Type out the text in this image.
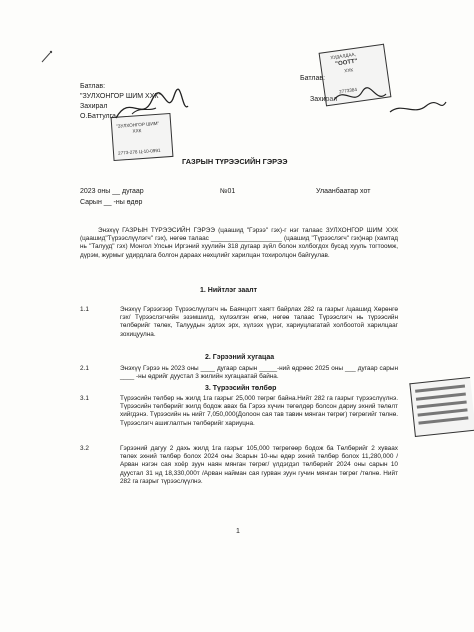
Батлав:
"ЗУЛХОНГОР ШИМ ХХК"
Захирал
О.Баттулга
"ЗУЛХОНГОР ШИМ"
ХХК
2773-278 Ц-10-0991
Батлав:
Захирал
ХУДАЛДАА,
"ООТТ"
ХХК
2773384
ГАЗРЫН ТҮРЭЭСИЙН ГЭРЭЭ
2023 оны __ дугаар
Сарын __ -ны өдөр
№01	Улаанбаатар хот
Энэхүү ГАЗРЫН ТҮРЭЭСИЙН ГЭРЭЭ (цаашид "Гэрээ" гэх)-г нэг талаас ЗУЛХОНГОР ШИМ ХХК (цаашид"Түрээслүүлэгч" гэх), нөгөө талаас ____________________ (цаашид "Түрээслэгч" гэх)нар (хамтад нь "Талууд" гэх) Монгол Улсын Иргэний хуулийн 318 дугаар зүйл болон холбогдох бусад хууль тогтоомж, дүрэм, журмыг удирдлага болгон дараах нөхцлийг харилцан тохиролцон байгуулав.
1. Нийтлэг заалт
1.1	Энэхүү Гэрээгээр Түрээслүүлэгч нь Баянцогт хаягт байрлах 282 га газрыг /цаашид Хөрөнгө гэх/ Түрээслэгчийн эзэмшилд, хүлээлгэн өгнө, нөгөө талаас Түрээслэгч нь түрээсийн төлбөрийг төлөх, Талуудын эдлэх эрх, хүлээх үүрэг, хариуцлагатай холбоотой харилцааг зохицуулна.
2. Гэрээний хугацаа
2.1	Энэхүү Гэрээ нь 2023 оны ____ дугаар сарын _____-ний өдрөөс 2025 оны ___ дугаар сарын ____ -ны өдрийг дуустал 3 жилийн хугацаатай байна.
3. Түрээсийн төлбөр
3.1	Түрээсийн төлбөр нь жилд 1га газрыг 25,000 төгрөг байна.Нийт 282 га газрыг түрээслүүлнэ. Түрээсийн төлбөрийг жилд бодож авах ба Гэрээ хүчин төгөлдөр болсон дариу эхний төлөлт хийгдэнэ. Түрээсийн нь нийт 7,050,000(Долоон сая тав тавин мянган төгрөг) төгрөгийг төлнө. Түрээслэгч ашиглалтын төлбөрийг хариуцна.
3.2	Гэрээний дагуу 2 дахь жилд 1га газрыг 105,000 төгрөгөөр бодож ба Төлбөрийг 2 хуваах төлөх эхний төлбөр болох 2024 оны 3сарын 10-ны өдөр эхний төлбөр болох 11,280,000 /Арван нэгэн сая хоёр зуун наян мянган төгрөг/ үлдэгдэл төлбөрийг 2024 оны сарын 10 дуустал 31 нд 18,330,000т /Арван найман сая гурван зуун гучин мянган төгрөг /төлнө. Нийт 282 га газрыг түрээслүүлнэ.
1
